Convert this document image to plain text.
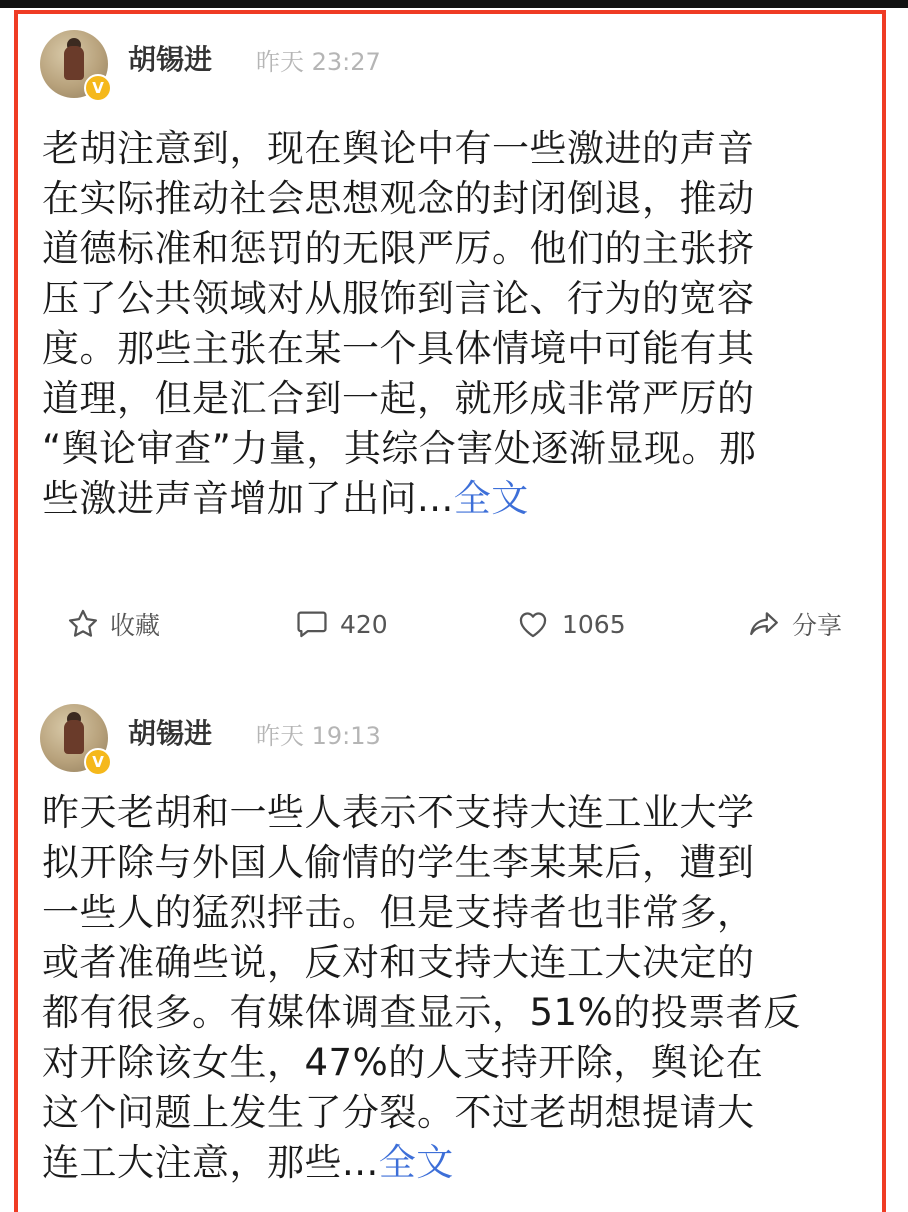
V
胡锡进 昨天 23:27
老胡注意到，现在舆论中有一些激进的声音
在实际推动社会思想观念的封闭倒退，推动
道德标准和惩罚的无限严厉。他们的主张挤
压了公共领域对从服饰到言论、行为的宽容
度。那些主张在某一个具体情境中可能有其
道理，但是汇合到一起，就形成非常严厉的
“舆论审查”力量，其综合害处逐渐显现。那
些激进声音增加了出问...全文
收藏	420	1065	分享
V
胡锡进 昨天 19:13
昨天老胡和一些人表示不支持大连工业大学
拟开除与外国人偷情的学生李某某后，遭到
一些人的猛烈抨击。但是支持者也非常多，
或者准确些说，反对和支持大连工大决定的
都有很多。有媒体调查显示，51%的投票者反
对开除该女生，47%的人支持开除，舆论在
这个问题上发生了分裂。不过老胡想提请大
连工大注意，那些...全文
